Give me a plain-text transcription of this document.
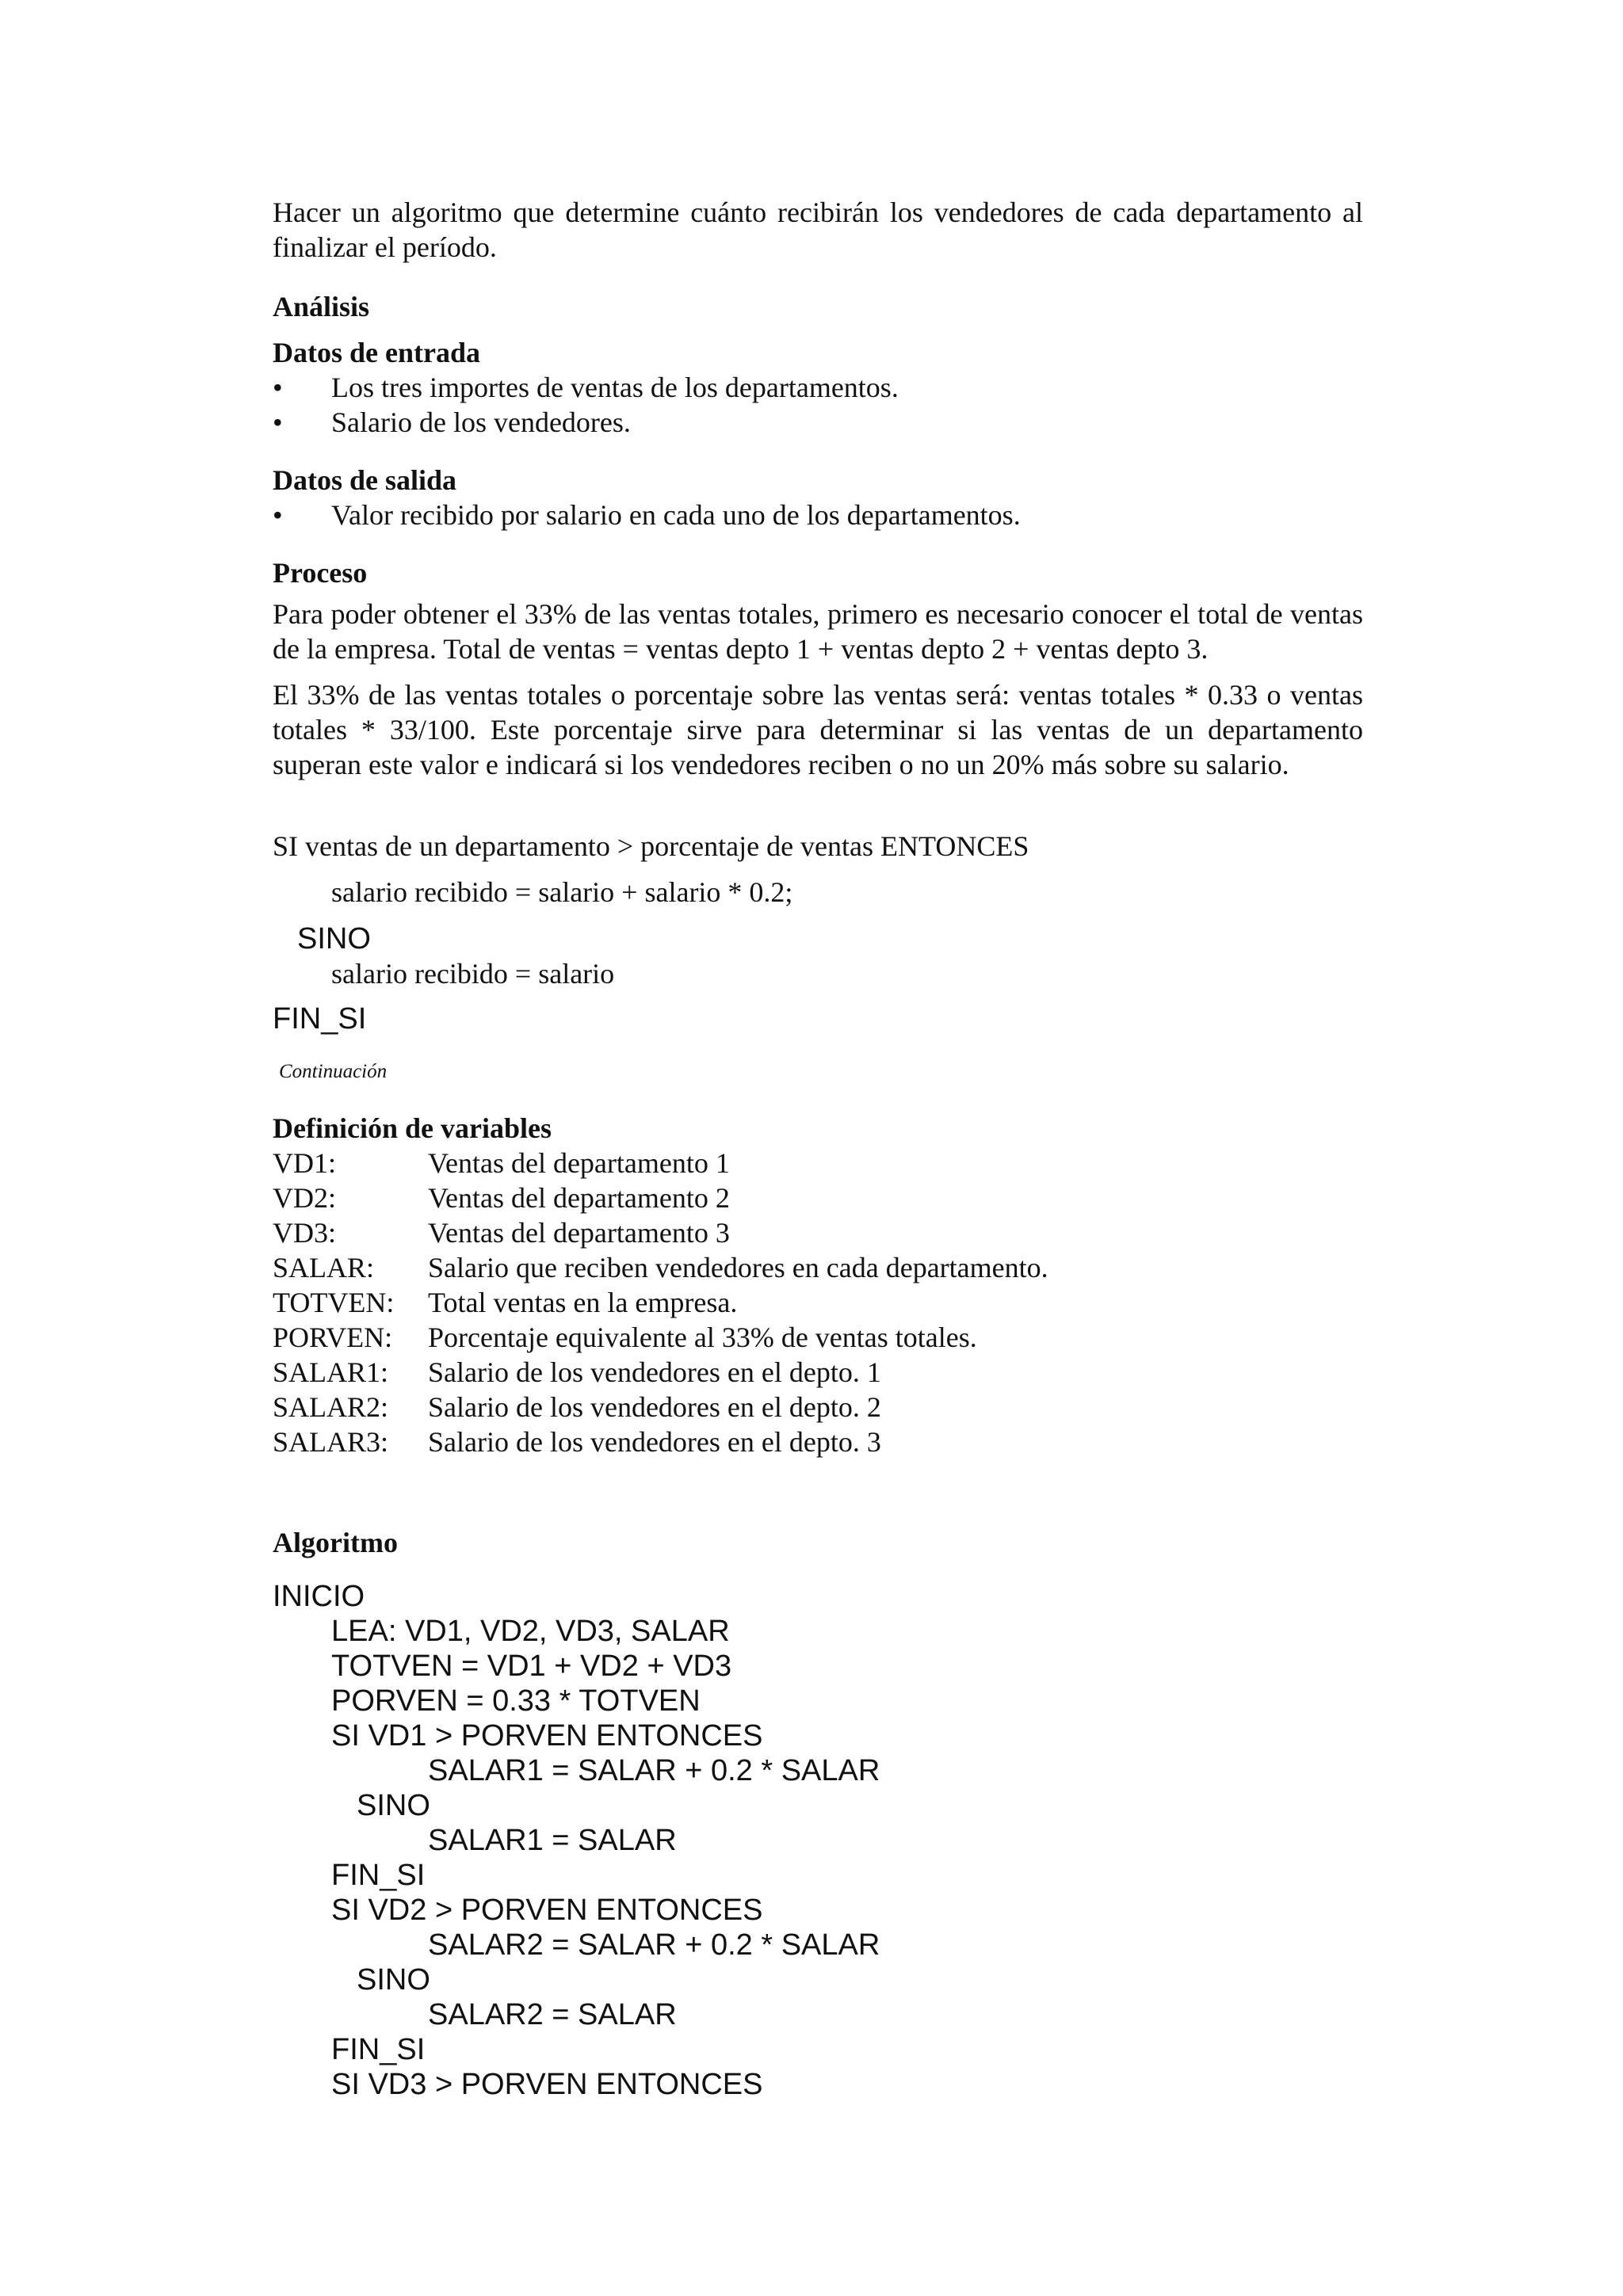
Hacer un algoritmo que determine cuánto recibirán los vendedores de cada departamento al finalizar el período.

Análisis
Datos de entrada
• Los tres importes de ventas de los departamentos.
• Salario de los vendedores.
Datos de salida
• Valor recibido por salario en cada uno de los departamentos.
Proceso

Para poder obtener el 33% de las ventas totales, primero es necesario conocer el total de ventas de la empresa. Total de ventas = ventas depto 1 + ventas depto 2 + ventas depto 3.

El 33% de las ventas totales o porcentaje sobre las ventas será: ventas totales * 0.33 o ventas totales * 33/100. Este porcentaje sirve para determinar si las ventas de un departamento superan este valor e indicará si los vendedores reciben o no un 20% más sobre su salario.

SI ventas de un departamento > porcentaje de ventas ENTONCES
salario recibido = salario + salario * 0.2;
SINO
salario recibido = salario
FIN_SI
Continuación
Definición de variables
VD1:	Ventas del departamento 1
VD2:	Ventas del departamento 2
VD3:	Ventas del departamento 3
SALAR: Salario que reciben vendedores en cada departamento.
TOTVEN: Total ventas en la empresa.
PORVEN: Porcentaje equivalente al 33% de ventas totales.
SALAR1: Salario de los vendedores en el depto. 1
SALAR2: Salario de los vendedores en el depto. 2
SALAR3: Salario de los vendedores en el depto. 3
Algoritmo
INICIO
LEA: VD1, VD2, VD3, SALAR
TOTVEN = VD1 + VD2 + VD3
PORVEN = 0.33 * TOTVEN
SI VD1 > PORVEN ENTONCES
SALAR1 = SALAR + 0.2 * SALAR
SINO
SALAR1 = SALAR
FIN_SI
SI VD2 > PORVEN ENTONCES
SALAR2 = SALAR + 0.2 * SALAR
SINO
SALAR2 = SALAR
FIN_SI
SI VD3 > PORVEN ENTONCES
